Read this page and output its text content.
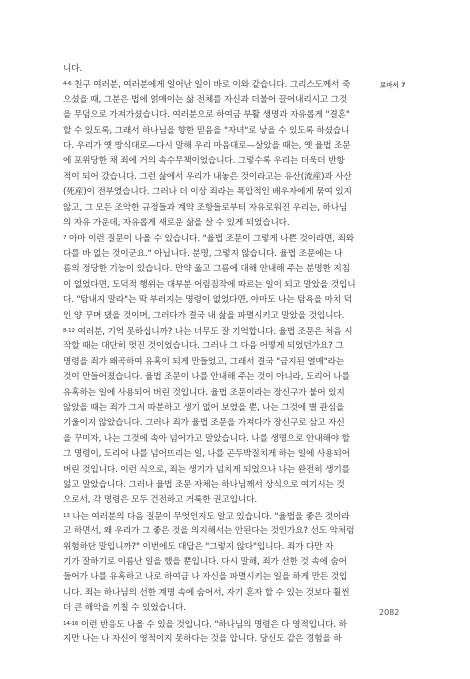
로마서 7
니다.
$^{4-6}$ 친구 여러분, 여러분에게 일어난 일이 바로 이와 같습니다. 그리스도께서 죽
으셨을 때, 그분은 법에 얽매이는 삶 전체를 자신과 더불어 끌어내리시고 그것
을 무덤으로 가져가셨습니다. 여러분으로 하여금 부활 생명과 자유롭게 "결혼"
할 수 있도록, 그래서 하나님을 향한 믿음을 "자녀"로 낳을 수 있도록 하셨습니
다. 우리가 옛 방식대로—다시 말해 우리 마음대로—살았을 때는, 옛 율법 조문
에 포위당한 채 죄에 거의 속수무책이었습니다. 그렇수록 우리는 더욱더 반항
적이 되어 갔습니다. 그런 삶에서 우리가 내놓은 것이라고는 유산(流産)과 사산
(死産)이 전부였습니다. 그러나 더 이상 죄라는 폭압적인 배우자에게 묶여 있지
않고, 그 모든 조악한 규정들과 계약 조항들로부터 자유로워진 우리는, 하나님
의 자유 가운데, 자유롭게 새로운 삶을 살 수 있게 되었습니다.
$^7$ 아마 이런 질문이 나올 수 있습니다. "율법 조문이 그렇게 나쁜 것이라면, 죄와
다를 바 없는 것이군요." 아닙니다. 분명, 그렇지 않습니다. 율법 조문에는 나
름의 정당한 기능이 있습니다. 만약 옳고 그름에 대해 안내해 주는 분명한 지침
이 없었다면, 도덕적 행위는 대부분 어림짐작에 따르는 일이 되고 말았을 것입니
다. "탐내지 말라"는 딱 부러지는 명령이 없었다면, 아마도 나는 탐욕을 마치 덕
인 양 꾸며 댔을 것이며, 그러다가 결국 내 삶을 파멸시키고 말았을 것입니다.
$^{8-12}$ 여러분, 기억 못하십니까? 나는 너무도 잘 기억합니다. 율법 조문은 처음 시
작할 때는 대단히 멋진 것이었습니다. 그러나 그 다음 어떻게 되었던가요? 그
명령을 죄가 왜곡하여 유혹이 되게 만들었고, 그래서 결국 "금지된 열매"라는
것이 만들어졌습니다. 율법 조문이 나를 안내해 주는 것이 아니라, 도리어 나를
유혹하는 일에 사용되어 버린 것입니다. 율법 조문이라는 장신구가 붙어 있지
않았을 때는 죄가 그저 따분하고 생기 없어 보였을 뿐, 나는 그것에 별 관심을
기울이지 않았습니다. 그러나 죄가 율법 조문을 가져다가 장신구로 삼고 자신
을 꾸미자, 나는 그것에 속아 넘어가고 말았습니다. 나를 생명으로 안내해야 할
그 명령이, 도리어 나를 넘어뜨리는 일, 나를 곤두박질치게 하는 일에 사용되어
버린 것입니다. 이런 식으로, 죄는 생기가 넘치게 되었으나 나는 완전히 생기를
잃고 말았습니다. 그러나 율법 조문 자체는 하나님께서 상식으로 여기시는 것
으로서, 각 명령은 모두 건전하고 거룩한 권고입니다.
$^{13}$ 나는 여러분의 다음 질문이 무엇인지도 알고 있습니다. "율법을 좋은 것이라
고 하면서, 왜 우리가 그 좋은 것을 의지해서는 안된다는 것인가요? 선도 악처럼
위험하단 말입니까?" 이번에도 대답은 "그렇지 않다"입니다. 죄가 다만 자
기가 잘하기로 이름난 일을 했을 뿐입니다. 다시 말해, 죄가 선한 것 속에 숨어
들어가 나를 유혹하고 나로 하여금 나 자신을 파멸시키는 일을 하게 만든 것입
니다. 죄는 하나님의 선한 계명 속에 숨어서, 자기 혼자 할 수 있는 것보다 훨씬
더 큰 해악을 끼칠 수 있었습니다.
$^{14-16}$ 이런 반응도 나올 수 있을 것입니다. "하나님의 명령은 다 영적입니다. 하
지만 나는 나 자신이 영적이지 못하다는 것을 압니다. 당신도 같은 경험을 하
2082
